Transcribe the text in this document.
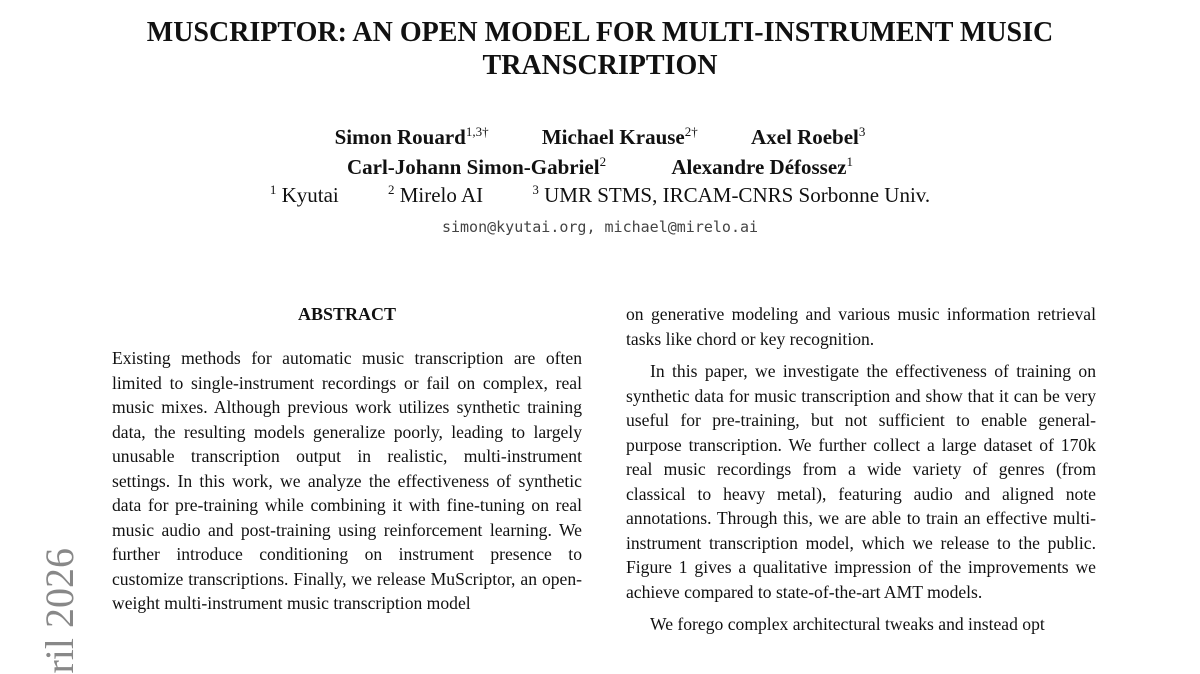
MUSCRIPTOR: AN OPEN MODEL FOR MULTI-INSTRUMENT MUSIC TRANSCRIPTION
Simon Rouard$^{1,3\dagger}$	Michael Krause$^{2\dagger}$	Axel Roebel$^3$
Carl-Johann Simon-Gabriel$^2$	Alexandre Défossez$^1$
$^1$ Kyutai	$^2$ Mirelo AI	$^3$ UMR STMS, IRCAM-CNRS Sorbonne Univ.
simon@kyutai.org, michael@mirelo.ai
ABSTRACT

Existing methods for automatic music transcription are often limited to single-instrument recordings or fail on complex, real music mixes. Although previous work utilizes synthetic training data, the resulting models generalize poorly, leading to largely unusable transcription output in realistic, multi-instrument settings. In this work, we analyze the effectiveness of synthetic data for pre-training while combining it with fine-tuning on real music audio and post-training using reinforcement learning. We further introduce conditioning on instrument presence to customize transcriptions. Finally, we release MuScriptor, an open-weight multi-instrument music transcription model

on generative modeling and various music information retrieval tasks like chord or key recognition.

In this paper, we investigate the effectiveness of training on synthetic data for music transcription and show that it can be very useful for pre-training, but not sufficient to enable general-purpose transcription. We further collect a large dataset of 170k real music recordings from a wide variety of genres (from classical to heavy metal), featuring audio and aligned note annotations. Through this, we are able to train an effective multi-instrument transcription model, which we release to the public. Figure 1 gives a qualitative impression of the improvements we achieve compared to state-of-the-art AMT models.

We forego complex architectural tweaks and instead opt

ril 2026
